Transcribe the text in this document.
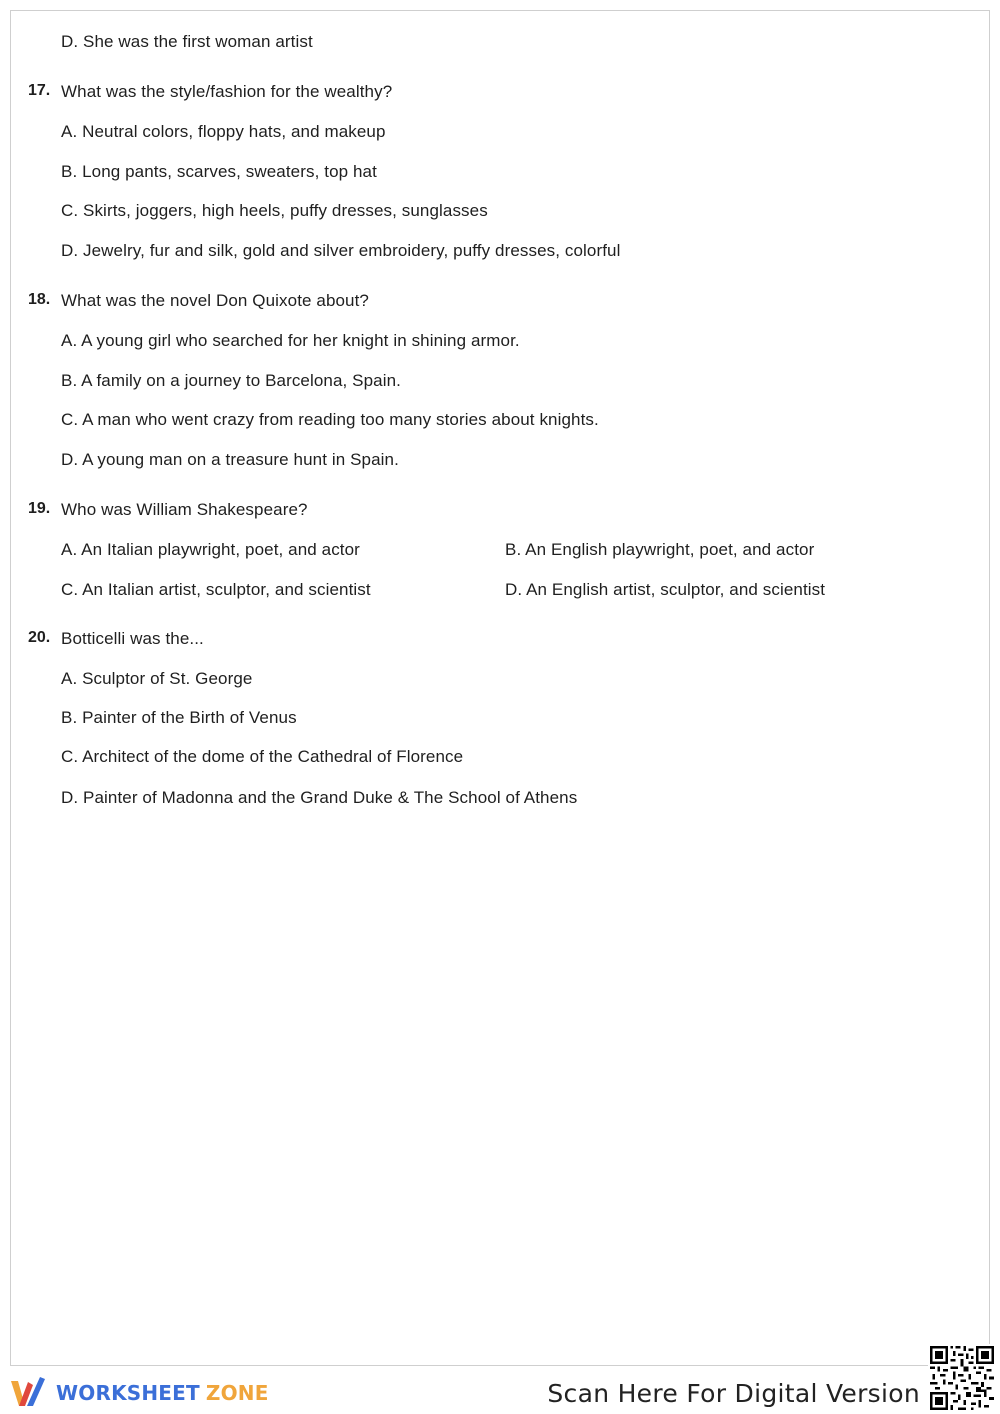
D. She was the first woman artist
17. What was the style/fashion for the wealthy?
A. Neutral colors, floppy hats, and makeup
B. Long pants, scarves, sweaters, top hat
C. Skirts, joggers, high heels, puffy dresses, sunglasses
D. Jewelry, fur and silk, gold and silver embroidery, puffy dresses, colorful
18. What was the novel Don Quixote about?
A. A young girl who searched for her knight in shining armor.
B. A family on a journey to Barcelona, Spain.
C. A man who went crazy from reading too many stories about knights.
D. A young man on a treasure hunt in Spain.
19. Who was William Shakespeare?
A. An Italian playwright, poet, and actor	B. An English playwright, poet, and actor
C. An Italian artist, sculptor, and scientist	D. An English artist, sculptor, and scientist
20. Botticelli was the...
A. Sculptor of St. George
B. Painter of the Birth of Venus
C. Architect of the dome of the Cathedral of Florence
D. Painter of Madonna and the Grand Duke & The School of Athens
WORKSHEET ZONE	Scan Here For Digital Version
